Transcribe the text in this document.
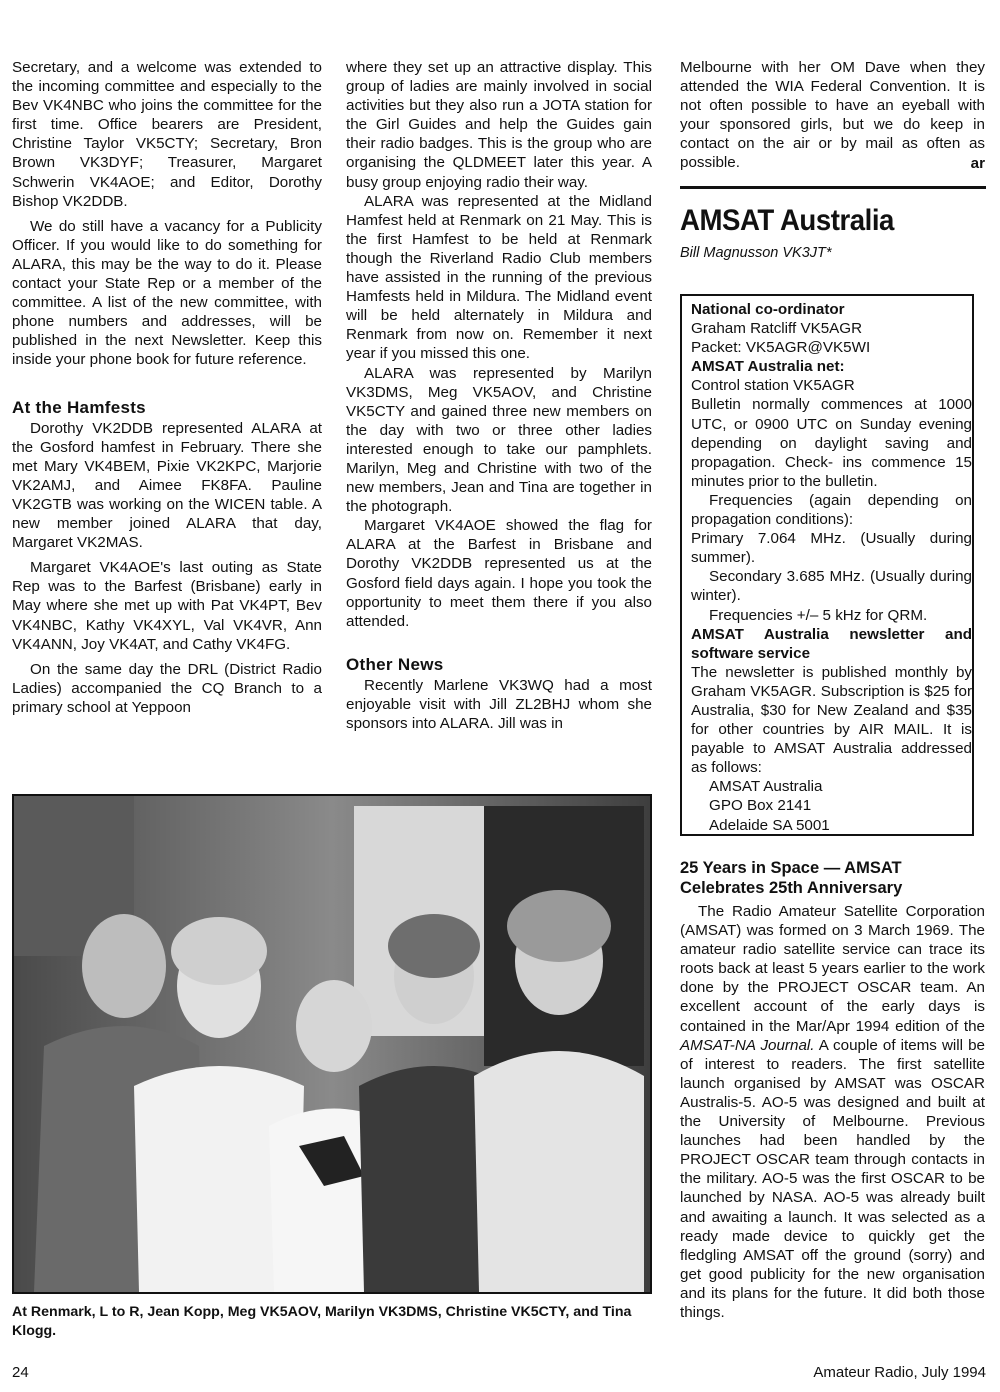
Secretary, and a welcome was extended to the incoming committee and especially to the Bev VK4NBC who joins the committee for the first time. Office bearers are President, Christine Taylor VK5CTY; Secretary, Bron Brown VK3DYF; Treasurer, Margaret Schwerin VK4AOE; and Editor, Dorothy Bishop VK2DDB.

We do still have a vacancy for a Publicity Officer. If you would like to do something for ALARA, this may be the way to do it. Please contact your State Rep or a member of the committee. A list of the new committee, with phone numbers and addresses, will be published in the next Newsletter. Keep this inside your phone book for future reference.

At the Hamfests

Dorothy VK2DDB represented ALARA at the Gosford hamfest in February. There she met Mary VK4BEM, Pixie VK2KPC, Marjorie VK2AMJ, and Aimee FK8FA. Pauline VK2GTB was working on the WICEN table. A new member joined ALARA that day, Margaret VK2MAS.

Margaret VK4AOE's last outing as State Rep was to the Barfest (Brisbane) early in May where she met up with Pat VK4PT, Bev VK4NBC, Kathy VK4XYL, Val VK4VR, Ann VK4ANN, Joy VK4AT, and Cathy VK4FG.

On the same day the DRL (District Radio Ladies) accompanied the CQ Branch to a primary school at Yeppoon

where they set up an attractive display. This group of ladies are mainly involved in social activities but they also run a JOTA station for the Girl Guides and help the Guides gain their radio badges. This is the group who are organising the QLDMEET later this year. A busy group enjoying radio their way.

ALARA was represented at the Midland Hamfest held at Renmark on 21 May. This is the first Hamfest to be held at Renmark though the Riverland Radio Club members have assisted in the running of the previous Hamfests held in Mildura. The Midland event will be held alternately in Mildura and Renmark from now on. Remember it next year if you missed this one.

ALARA was represented by Marilyn VK3DMS, Meg VK5AOV, and Christine VK5CTY and gained three new members on the day with two or three other ladies interested enough to take our pamphlets. Marilyn, Meg and Christine with two of the new members, Jean and Tina are together in the photograph.

Margaret VK4AOE showed the flag for ALARA at the Barfest in Brisbane and Dorothy VK2DDB represented us at the Gosford field days again. I hope you took the opportunity to meet them there if you also attended.

Other News

Recently Marlene VK3WQ had a most enjoyable visit with Jill ZL2BHJ whom she sponsors into ALARA. Jill was in

Melbourne with her OM Dave when they attended the WIA Federal Convention. It is not often possible to have an eyeball with your sponsored girls, but we do keep in contact on the air or by mail as often as possible.	ar
AMSAT Australia
Bill Magnusson VK3JT*
National co-ordinator
Graham Ratcliff VK5AGR
Packet: VK5AGR@VK5WI
AMSAT Australia net:
Control station VK5AGR
Bulletin normally commences at 1000 UTC, or 0900 UTC on Sunday evening depending on daylight saving and propagation. Check- ins commence 15 minutes prior to the bulletin.
Frequencies (again depending on propagation conditions):
Primary 7.064 MHz. (Usually during summer).
Secondary 3.685 MHz. (Usually during winter).
Frequencies +/– 5 kHz for QRM.
AMSAT Australia newsletter and software service
The newsletter is published monthly by Graham VK5AGR. Subscription is $25 for Australia, $30 for New Zealand and $35 for other countries by AIR MAIL. It is payable to AMSAT Australia addressed as follows:
AMSAT Australia
GPO Box 2141
Adelaide SA 5001
25 Years in Space — AMSAT Celebrates 25th Anniversary

The Radio Amateur Satellite Corporation (AMSAT) was formed on 3 March 1969. The amateur radio satellite service can trace its roots back at least 5 years earlier to the work done by the PROJECT OSCAR team. An excellent account of the early days is contained in the Mar/Apr 1994 edition of the AMSAT-NA Journal. A couple of items will be of interest to readers. The first satellite launch organised by AMSAT was OSCAR Australis-5. AO-5 was designed and built at the University of Melbourne. Previous launches had been handled by the PROJECT OSCAR team through contacts in the military. AO-5 was the first OSCAR to be launched by NASA. AO-5 was already built and awaiting a launch. It was selected as a ready made device to quickly get the fledgling AMSAT off the ground (sorry) and get good publicity for the new organisation and its plans for the future. It did both those things.

At Renmark, L to R, Jean Kopp, Meg VK5AOV, Marilyn VK3DMS, Christine VK5CTY, and Tina Klogg.
24	Amateur Radio, July 1994
